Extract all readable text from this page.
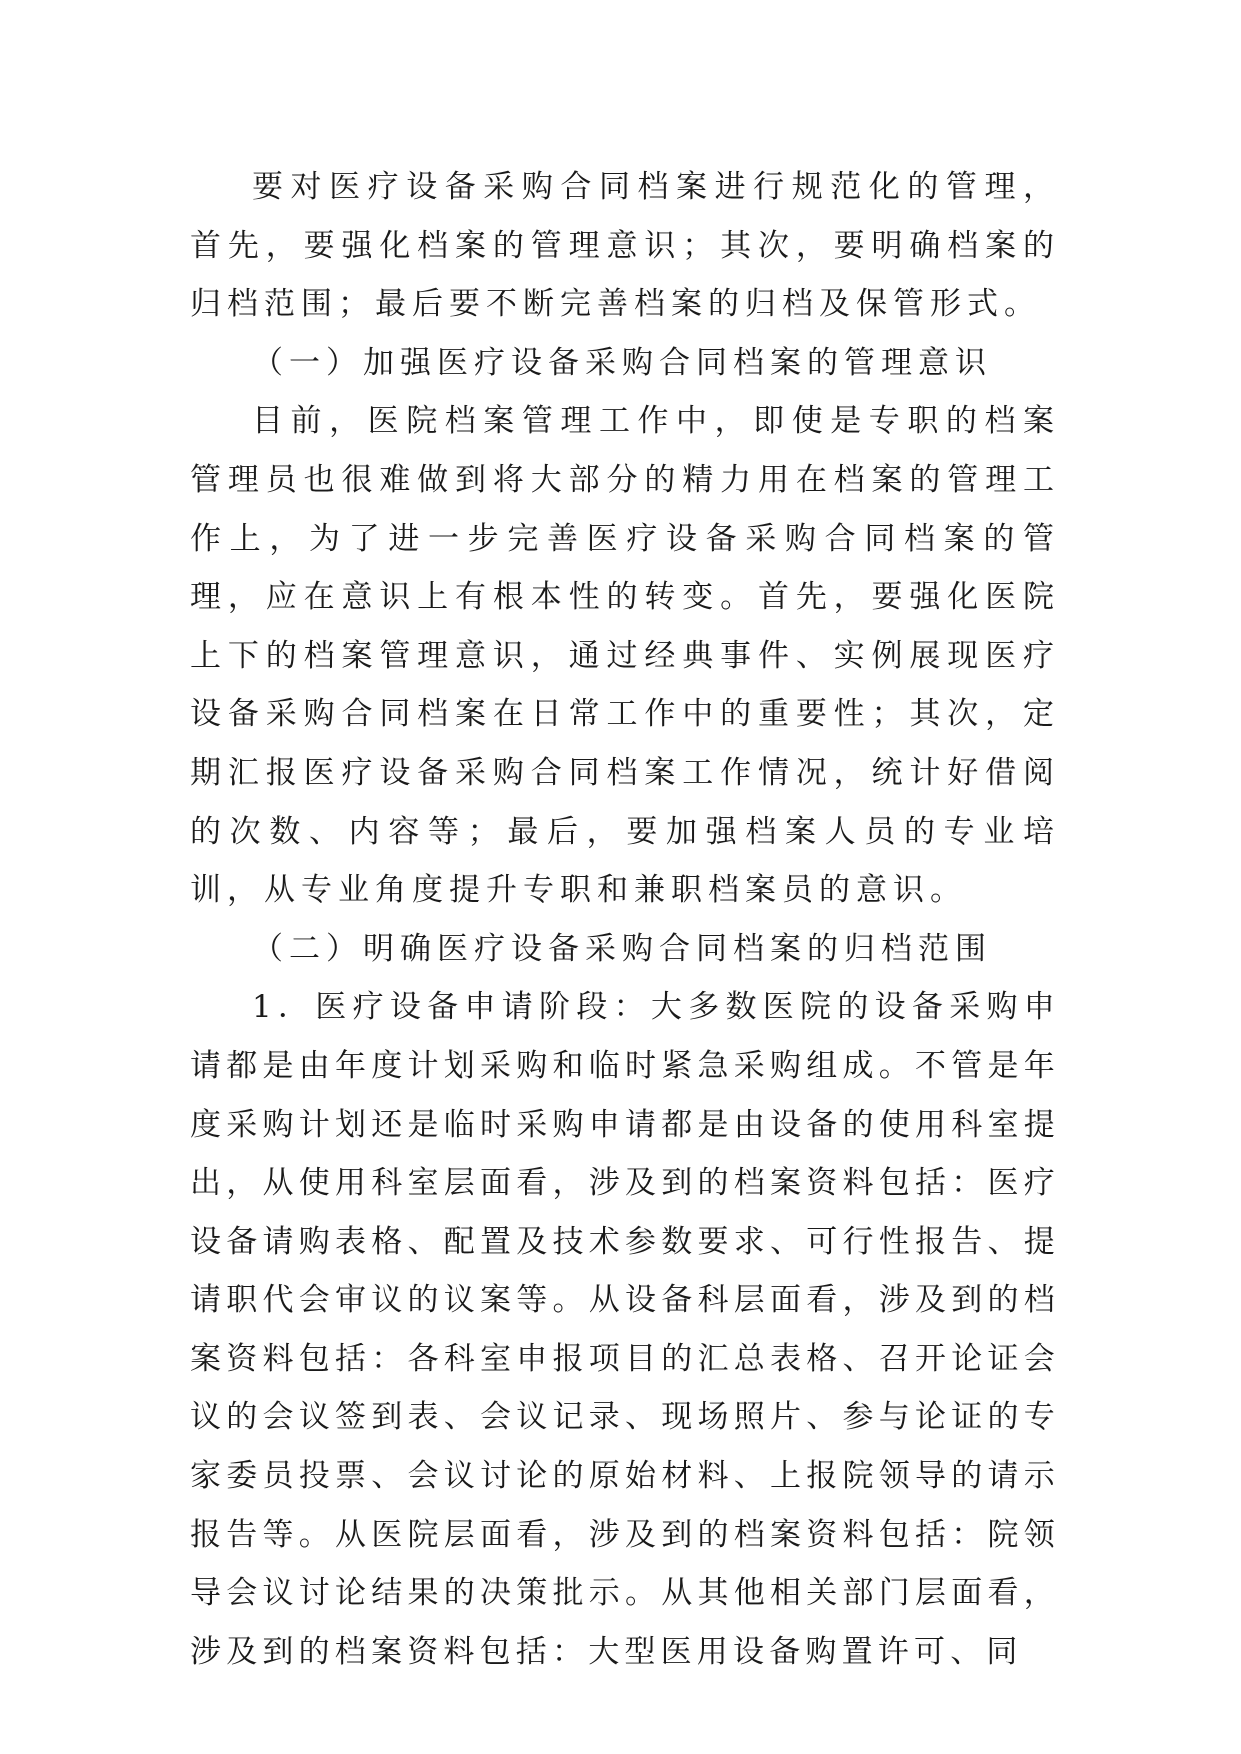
要对医疗设备采购合同档案进行规范化的管理，首先，要强化档案的管理意识；其次，要明确档案的归档范围；最后要不断完善档案的归档及保管形式。

（一）加强医疗设备采购合同档案的管理意识

目前，医院档案管理工作中，即使是专职的档案管理员也很难做到将大部分的精力用在档案的管理工作上，为了进一步完善医疗设备采购合同档案的管理，应在意识上有根本性的转变。首先，要强化医院上下的档案管理意识，通过经典事件、实例展现医疗设备采购合同档案在日常工作中的重要性；其次，定期汇报医疗设备采购合同档案工作情况，统计好借阅的次数、内容等；最后，要加强档案人员的专业培训，从专业角度提升专职和兼职档案员的意识。

（二）明确医疗设备采购合同档案的归档范围

1．医疗设备申请阶段：大多数医院的设备采购申请都是由年度计划采购和临时紧急采购组成。不管是年度采购计划还是临时采购申请都是由设备的使用科室提出，从使用科室层面看，涉及到的档案资料包括：医疗设备请购表格、配置及技术参数要求、可行性报告、提请职代会审议的议案等。从设备科层面看，涉及到的档案资料包括：各科室申报项目的汇总表格、召开论证会议的会议签到表、会议记录、现场照片、参与论证的专家委员投票、会议讨论的原始材料、上报院领导的请示报告等。从医院层面看，涉及到的档案资料包括：院领导会议讨论结果的决策批示。从其他相关部门层面看，涉及到的档案资料包括：大型医用设备购置许可、同
